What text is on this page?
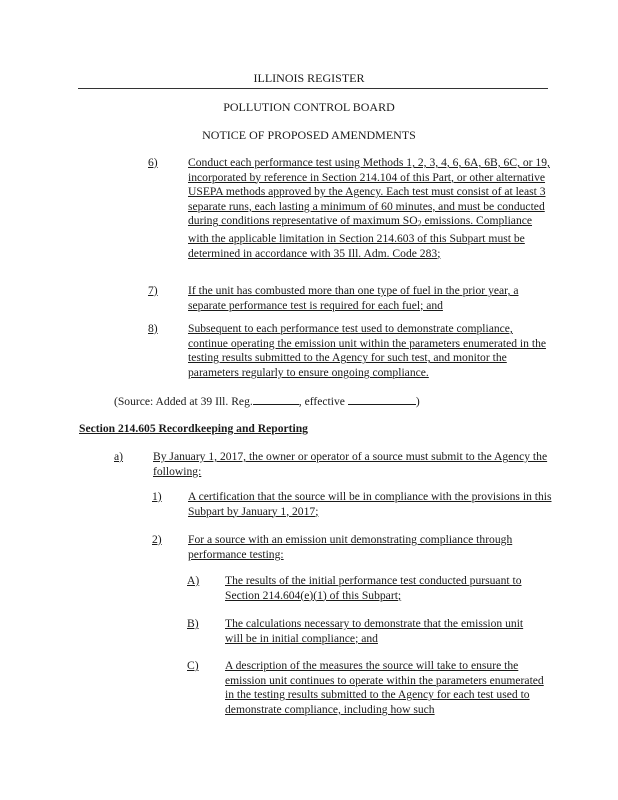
ILLINOIS REGISTER
POLLUTION CONTROL BOARD
NOTICE OF PROPOSED AMENDMENTS
6)	Conduct each performance test using Methods 1, 2, 3, 4, 6, 6A, 6B, 6C, or 19, incorporated by reference in Section 214.104 of this Part, or other alternative USEPA methods approved by the Agency. Each test must consist of at least 3 separate runs, each lasting a minimum of 60 minutes, and must be conducted during conditions representative of maximum $SO_2$ emissions. Compliance with the applicable limitation in Section 214.603 of this Subpart must be determined in accordance with 35 Ill. Adm. Code 283;
7)	If the unit has combusted more than one type of fuel in the prior year, a separate performance test is required for each fuel; and
8)	Subsequent to each performance test used to demonstrate compliance, continue operating the emission unit within the parameters enumerated in the testing results submitted to the Agency for such test, and monitor the parameters regularly to ensure ongoing compliance.
(Source: Added at 39 Ill. Reg.	, effective	)
Section 214.605 Recordkeeping and Reporting
a)	By January 1, 2017, the owner or operator of a source must submit to the Agency the following:
1) A certification that the source will be in compliance with the provisions in this Subpart by January 1, 2017;
2) For a source with an emission unit demonstrating compliance through performance testing:
A) The results of the initial performance test conducted pursuant to Section 214.604(e)(1) of this Subpart;
B) The calculations necessary to demonstrate that the emission unit will be in initial compliance; and
C) A description of the measures the source will take to ensure the emission unit continues to operate within the parameters enumerated in the testing results submitted to the Agency for each test used to demonstrate compliance, including how such
